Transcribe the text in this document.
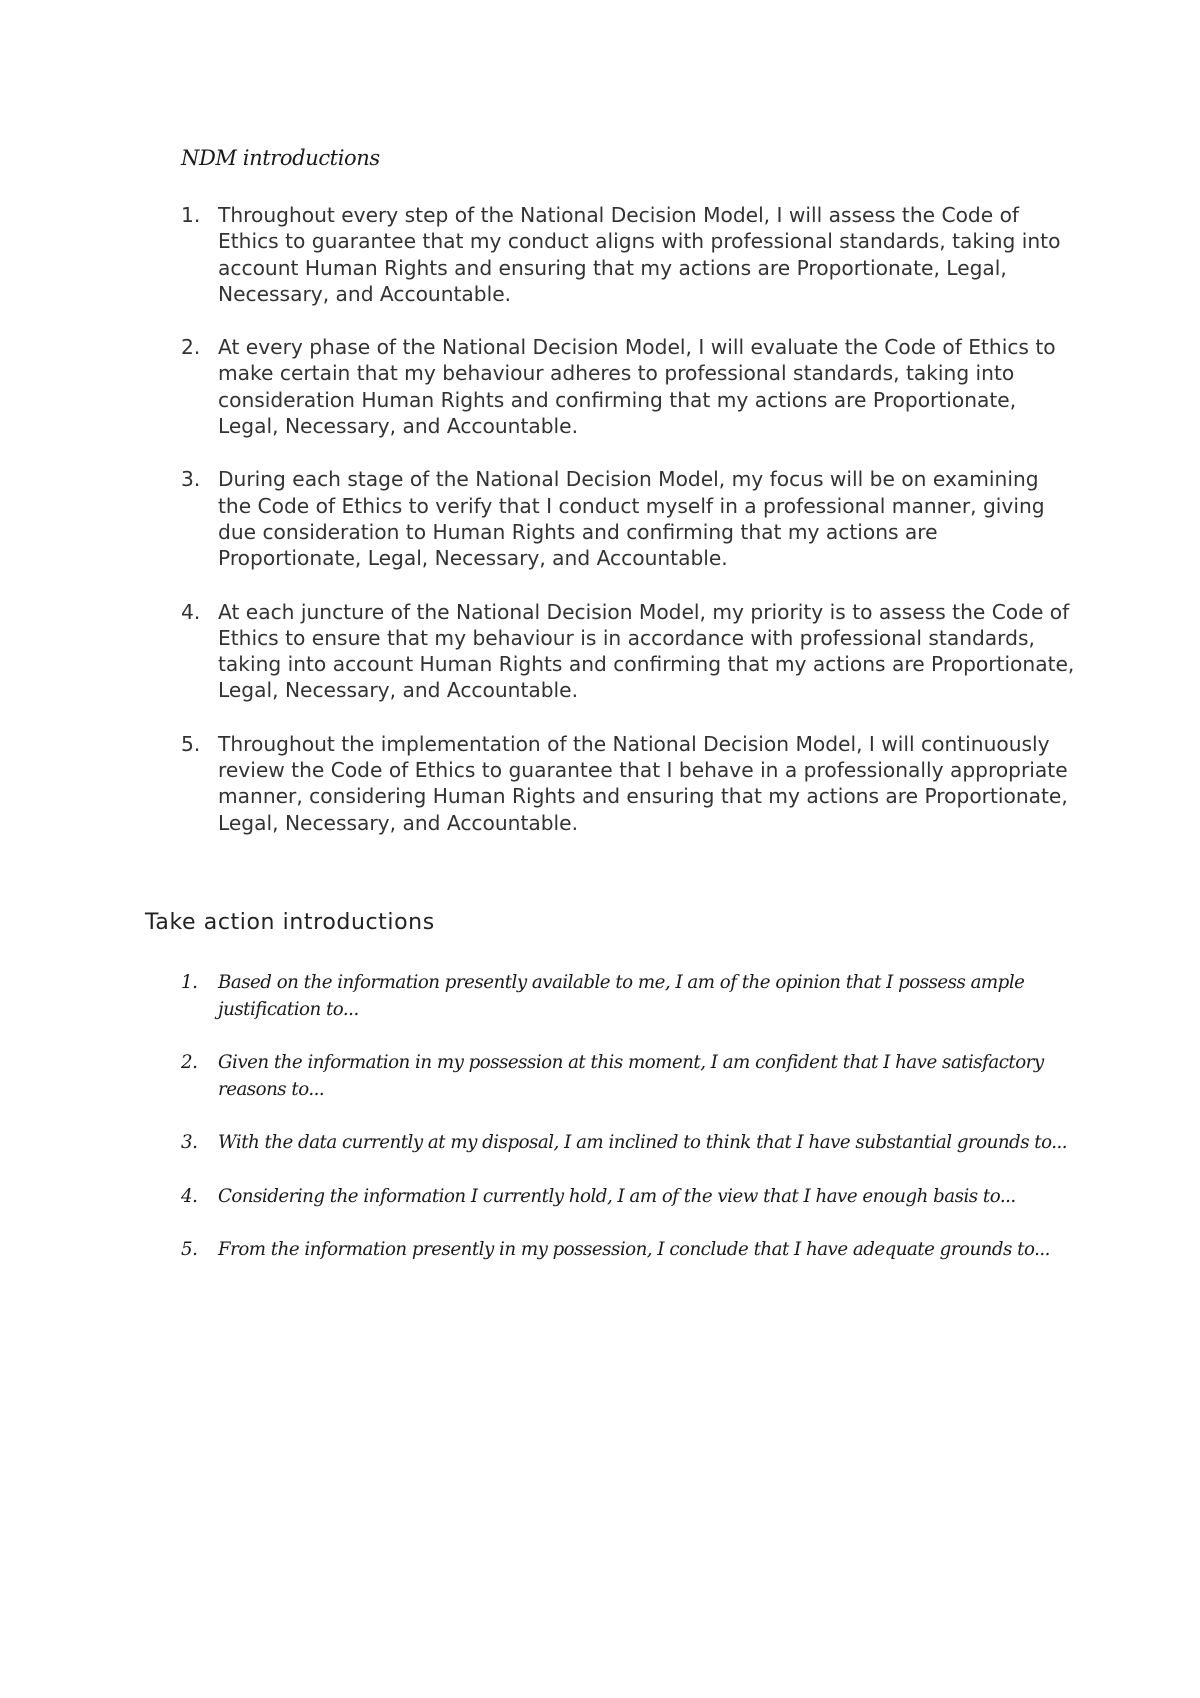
NDM introductions
1. Throughout every step of the National Decision Model, I will assess the Code of Ethics to guarantee that my conduct aligns with professional standards, taking into account Human Rights and ensuring that my actions are Proportionate, Legal, Necessary, and Accountable.
2. At every phase of the National Decision Model, I will evaluate the Code of Ethics to make certain that my behaviour adheres to professional standards, taking into consideration Human Rights and confirming that my actions are Proportionate, Legal, Necessary, and Accountable.
3. During each stage of the National Decision Model, my focus will be on examining the Code of Ethics to verify that I conduct myself in a professional manner, giving due consideration to Human Rights and confirming that my actions are Proportionate, Legal, Necessary, and Accountable.
4. At each juncture of the National Decision Model, my priority is to assess the Code of Ethics to ensure that my behaviour is in accordance with professional standards, taking into account Human Rights and confirming that my actions are Proportionate, Legal, Necessary, and Accountable.
5. Throughout the implementation of the National Decision Model, I will continuously review the Code of Ethics to guarantee that I behave in a professionally appropriate manner, considering Human Rights and ensuring that my actions are Proportionate, Legal, Necessary, and Accountable.
Take action introductions
1. Based on the information presently available to me, I am of the opinion that I possess ample justification to...
2. Given the information in my possession at this moment, I am confident that I have satisfactory reasons to...
3. With the data currently at my disposal, I am inclined to think that I have substantial grounds to...
4. Considering the information I currently hold, I am of the view that I have enough basis to...
5. From the information presently in my possession, I conclude that I have adequate grounds to...
